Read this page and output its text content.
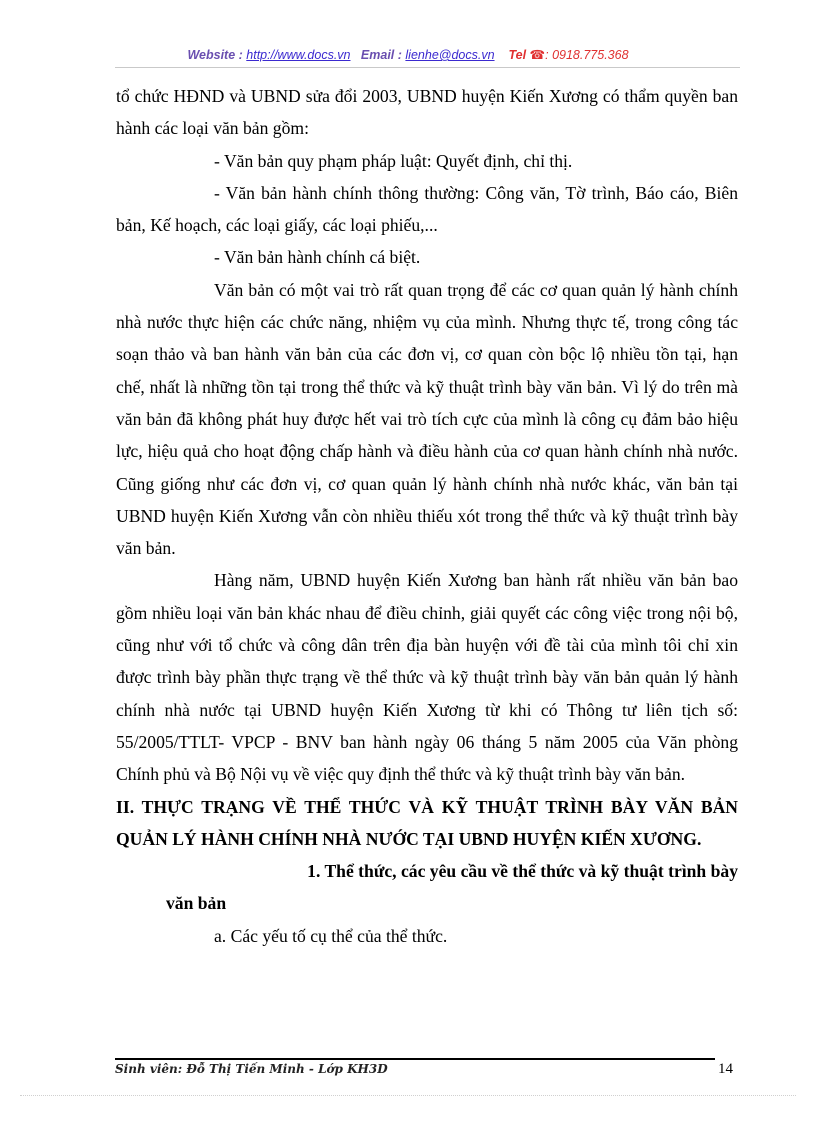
Website : http://www.docs.vn Email : lienhe@docs.vn Tel ☎: 0918.775.368

tổ chức HĐND và UBND sửa đổi 2003, UBND huyện Kiến Xương có thẩm quyền ban hành các loại văn bản gồm:

- Văn bản quy phạm pháp luật: Quyết định, chỉ thị.

- Văn bản hành chính thông thường: Công văn, Tờ trình, Báo cáo, Biên bản, Kế hoạch, các loại giấy, các loại phiếu,...

- Văn bản hành chính cá biệt.

Văn bản có một vai trò rất quan trọng để các cơ quan quản lý hành chính nhà nước thực hiện các chức năng, nhiệm vụ của mình. Nhưng thực tế, trong công tác soạn thảo và ban hành văn bản của các đơn vị, cơ quan còn bộc lộ nhiều tồn tại, hạn chế, nhất là những tồn tại trong thể thức và kỹ thuật trình bày văn bản. Vì lý do trên mà văn bản đã không phát huy được hết vai trò tích cực của mình là công cụ đảm bảo hiệu lực, hiệu quả cho hoạt động chấp hành và điều hành của cơ quan hành chính nhà nước. Cũng giống như các đơn vị, cơ quan quản lý hành chính nhà nước khác, văn bản tại UBND huyện Kiến Xương vẫn còn nhiều thiếu xót trong thể thức và kỹ thuật trình bày văn bản.

Hàng năm, UBND huyện Kiến Xương ban hành rất nhiều văn bản bao gồm nhiều loại văn bản khác nhau để điều chỉnh, giải quyết các công việc trong nội bộ, cũng như với tổ chức và công dân trên địa bàn huyện với đề tài của mình tôi chỉ xin được trình bày phần thực trạng về thể thức và kỹ thuật trình bày văn bản quản lý hành chính nhà nước tại UBND huyện Kiến Xương từ khi có Thông tư liên tịch số: 55/2005/TTLT- VPCP - BNV ban hành ngày 06 tháng 5 năm 2005 của Văn phòng Chính phủ và Bộ Nội vụ về việc quy định thể thức và kỹ thuật trình bày văn bản.

II. THỰC TRẠNG VỀ THỂ THỨC VÀ KỸ THUẬT TRÌNH BÀY VĂN BẢN QUẢN LÝ HÀNH CHÍNH NHÀ NƯỚC TẠI UBND HUYỆN KIẾN XƯƠNG.

1. Thể thức, các yêu cầu về thể thức và kỹ thuật trình bày
văn bản

a. Các yếu tố cụ thể của thể thức.

Sinh viên: Đỗ Thị Tiến Minh - Lớp KH3D	14
